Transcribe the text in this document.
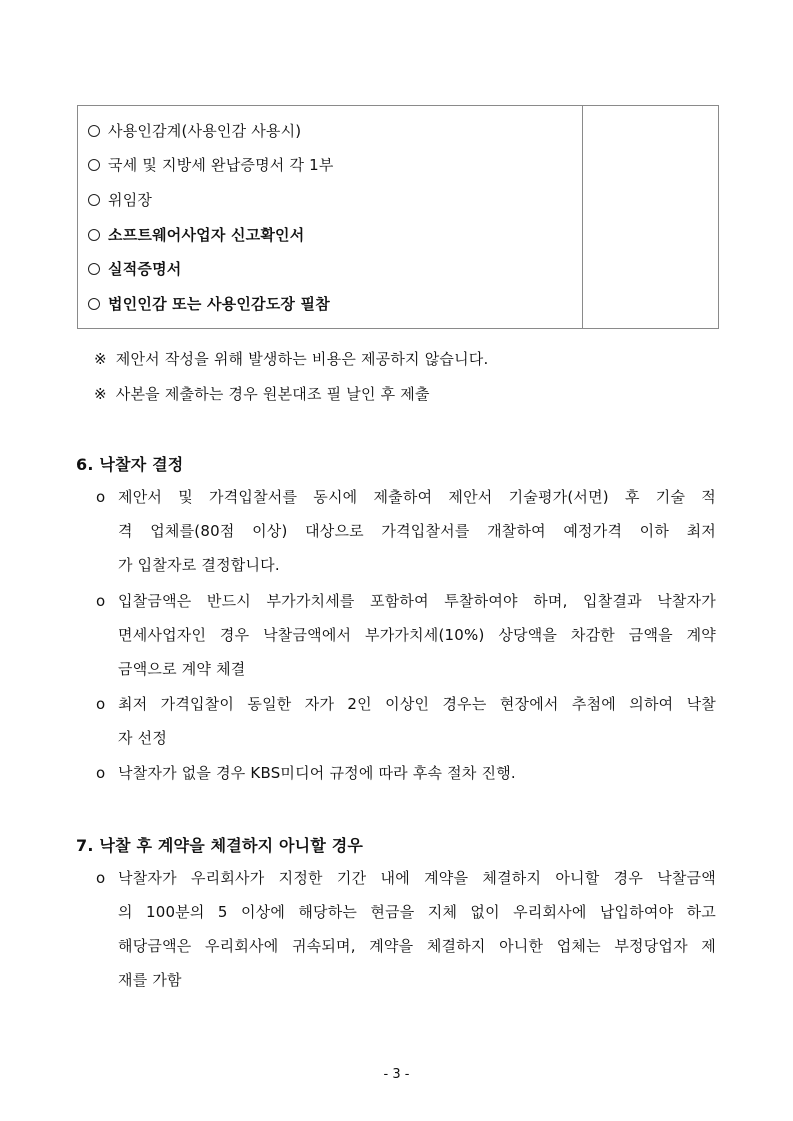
사용인감계(사용인감 사용시)
국세 및 지방세 완납증명서 각 1부
위임장
소프트웨어사업자 신고확인서
실적증명서
법인인감 또는 사용인감도장 필참
※ 제안서 작성을 위해 발생하는 비용은 제공하지 않습니다.
※ 사본을 제출하는 경우 원본대조 필 날인 후 제출
6. 낙찰자 결정
o 제안서 및 가격입찰서를 동시에 제출하여 제안서 기술평가(서면) 후 기술 적
격 업체를(80점 이상) 대상으로 가격입찰서를 개찰하여 예정가격 이하 최저
가 입찰자로 결정합니다.
o 입찰금액은 반드시 부가가치세를 포함하여 투찰하여야 하며, 입찰결과 낙찰자가
면세사업자인 경우 낙찰금액에서 부가가치세(10%) 상당액을 차감한 금액을 계약
금액으로 계약 체결
o 최저 가격입찰이 동일한 자가 2인 이상인 경우는 현장에서 추첨에 의하여 낙찰
자 선정
o 낙찰자가 없을 경우 KBS미디어 규정에 따라 후속 절차 진행.
7. 낙찰 후 계약을 체결하지 아니할 경우
o 낙찰자가 우리회사가 지정한 기간 내에 계약을 체결하지 아니할 경우 낙찰금액
의 100분의 5 이상에 해당하는 현금을 지체 없이 우리회사에 납입하여야 하고
해당금액은 우리회사에 귀속되며, 계약을 체결하지 아니한 업체는 부정당업자 제
재를 가함
- 3 -
